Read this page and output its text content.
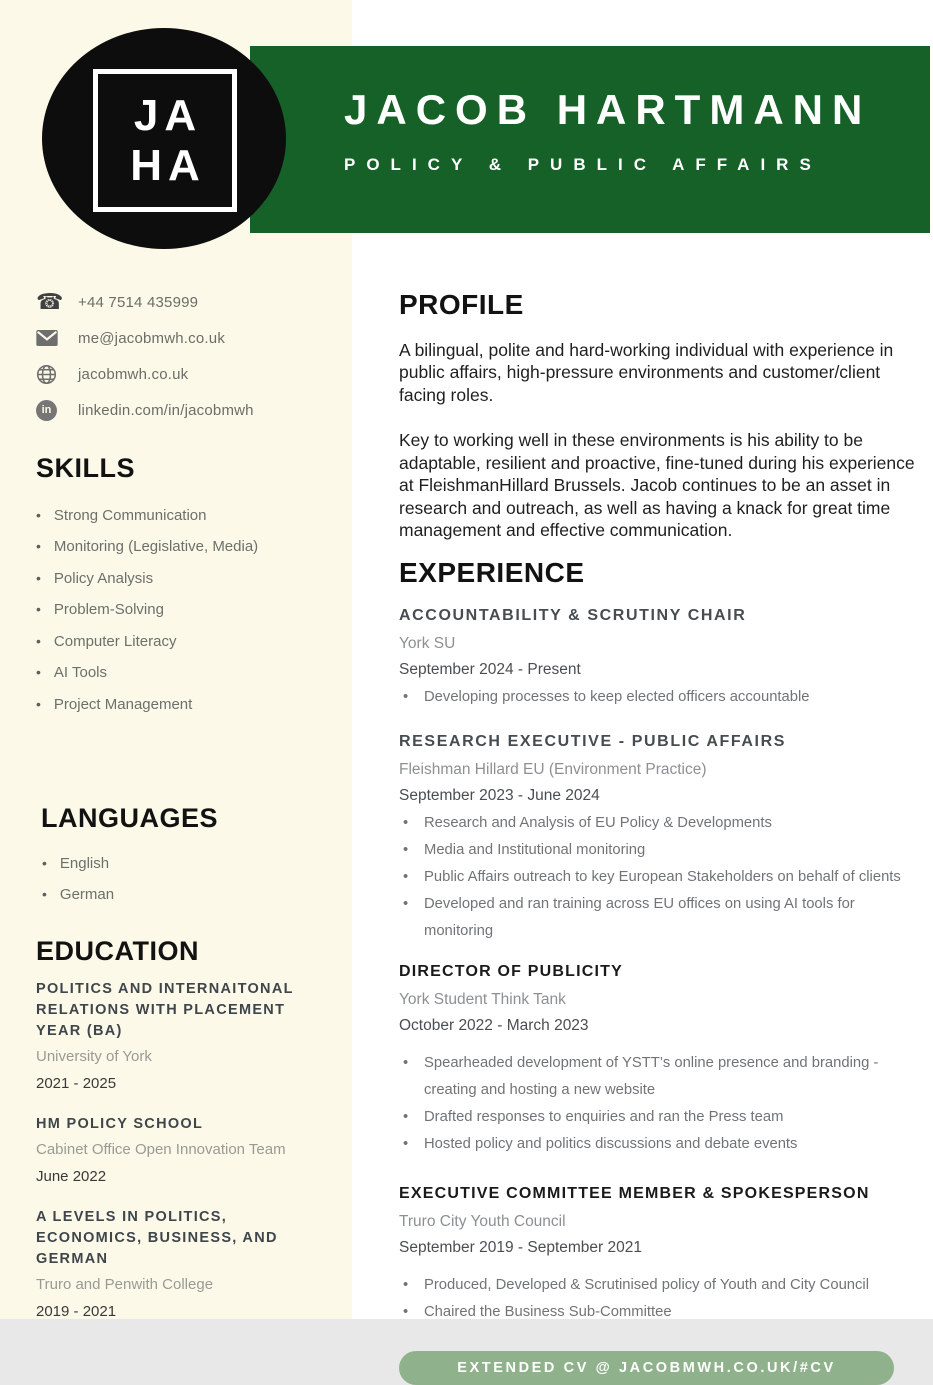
☎ +44 7514 435999
me@jacobmwh.co.uk
jacobmwh.co.uk
in	linkedin.com/in/jacobmwh
SKILLS
• Strong Communication
• Monitoring (Legislative, Media)
• Policy Analysis
• Problem-Solving
• Computer Literacy
• AI Tools
• Project Management
LANGUAGES
• English
• German
EDUCATION
POLITICS AND INTERNAITONAL RELATIONS WITH PLACEMENT YEAR (BA)
University of York
2021 - 2025
HM POLICY SCHOOL
Cabinet Office Open Innovation Team
June 2022
A LEVELS IN POLITICS, ECONOMICS, BUSINESS, AND GERMAN
Truro and Penwith College
2019 - 2021
JACOB HARTMANN
POLICY & PUBLIC AFFAIRS
JA
HA
PROFILE

A bilingual, polite and hard-working individual with experience in public affairs, high-pressure environments and customer/client facing roles.

Key to working well in these environments is his ability to be adaptable, resilient and proactive, fine-tuned during his experience at FleishmanHillard Brussels. Jacob continues to be an asset in research and outreach, as well as having a knack for great time management and effective communication.

EXPERIENCE
ACCOUNTABILITY & SCRUTINY CHAIR
York SU
September 2024 - Present
• Developing processes to keep elected officers accountable
RESEARCH EXECUTIVE - PUBLIC AFFAIRS
Fleishman Hillard EU (Environment Practice)
September 2023 - June 2024
• Research and Analysis of EU Policy & Developments
• Media and Institutional monitoring
• Public Affairs outreach to key European Stakeholders on behalf of clients
• Developed and ran training across EU offices on using AI tools for monitoring
DIRECTOR OF PUBLICITY
York Student Think Tank
October 2022 - March 2023
• Spearheaded development of YSTT’s online presence and branding - creating and hosting a new website
• Drafted responses to enquiries and ran the Press team
• Hosted policy and politics discussions and debate events
EXECUTIVE COMMITTEE MEMBER & SPOKESPERSON
Truro City Youth Council
September 2019 - September 2021
• Produced, Developed & Scrutinised policy of Youth and City Council
• Chaired the Business Sub-Committee
EXTENDED CV @ JACOBMWH.CO.UK/#CV
